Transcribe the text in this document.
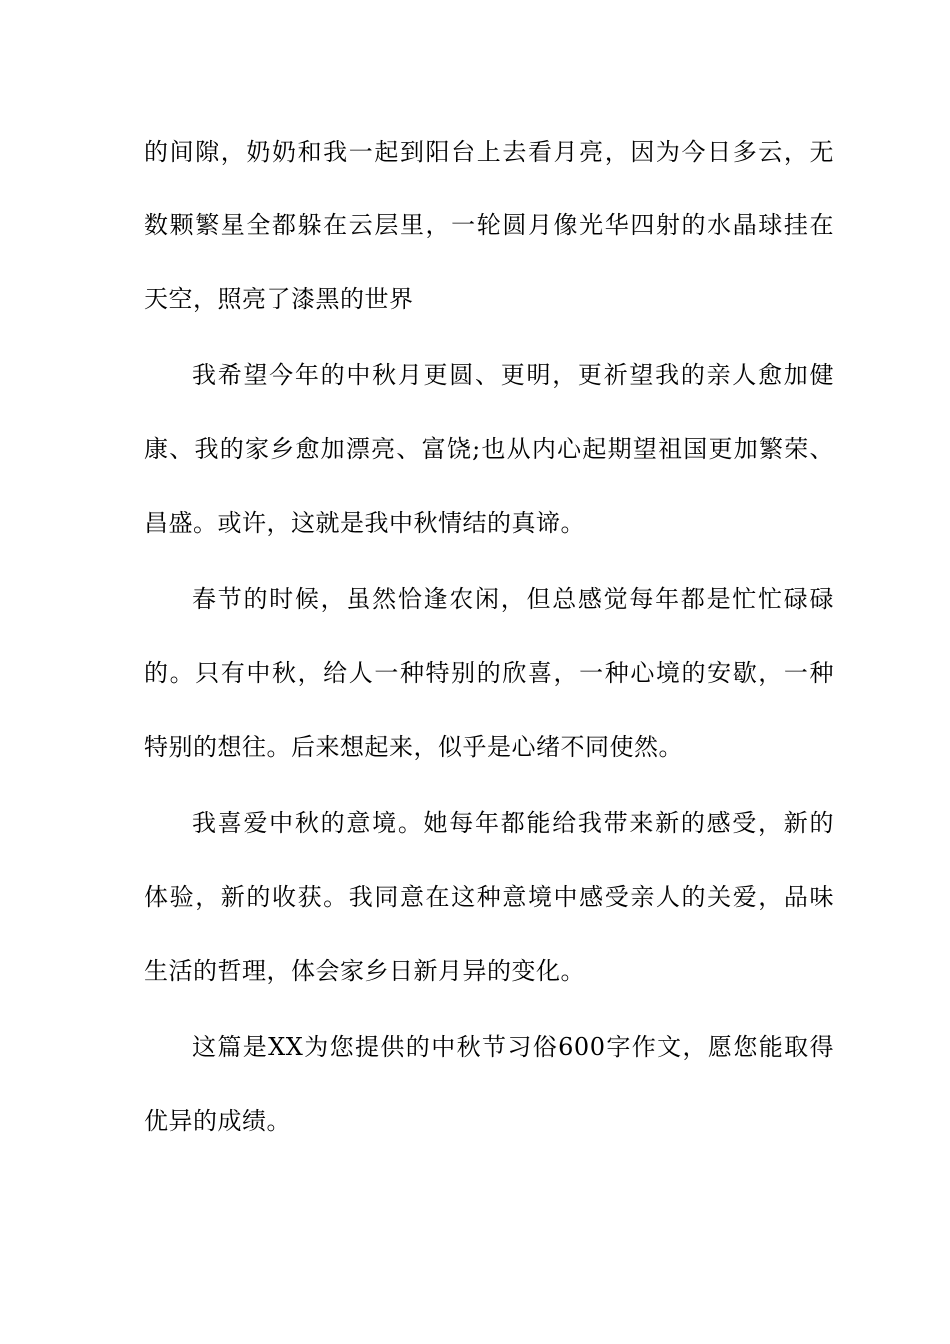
的间隙，奶奶和我一起到阳台上去看月亮，因为今日多云，无
数颗繁星全都躲在云层里，一轮圆月像光华四射的水晶球挂在
天空，照亮了漆黑的世界
我希望今年的中秋月更圆、更明，更祈望我的亲人愈加健
康、我的家乡愈加漂亮、富饶;也从内心起期望祖国更加繁荣、
昌盛。或许，这就是我中秋情结的真谛。
春节的时候，虽然恰逢农闲，但总感觉每年都是忙忙碌碌
的。只有中秋，给人一种特别的欣喜，一种心境的安歇，一种
特别的想往。后来想起来，似乎是心绪不同使然。
我喜爱中秋的意境。她每年都能给我带来新的感受，新的
体验，新的收获。我同意在这种意境中感受亲人的关爱，品味
生活的哲理，体会家乡日新月异的变化。
这篇是XX为您提供的中秋节习俗600字作文，愿您能取得
优异的成绩。
